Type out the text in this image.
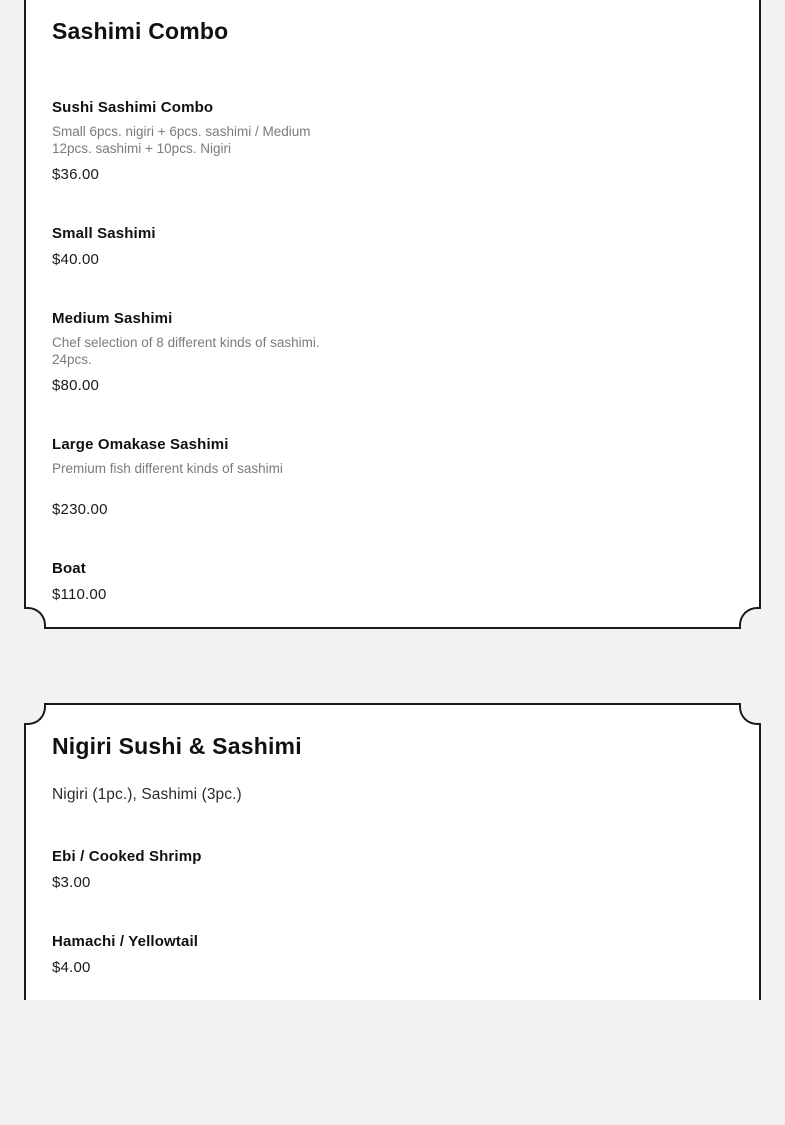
Sashimi Combo

Sushi Sashimi Combo

Small 6pcs. nigiri + 6pcs. sashimi / Medium 12pcs. sashimi + 10pcs. Nigiri

$36.00

Small Sashimi

$40.00

Medium Sashimi

Chef selection of 8 different kinds of sashimi. 24pcs.

$80.00

Large Omakase Sashimi

Premium fish different kinds of sashimi

$230.00

Boat

$110.00

Nigiri Sushi & Sashimi

Nigiri (1pc.), Sashimi (3pc.)

Ebi / Cooked Shrimp

$3.00

Hamachi / Yellowtail

$4.00
